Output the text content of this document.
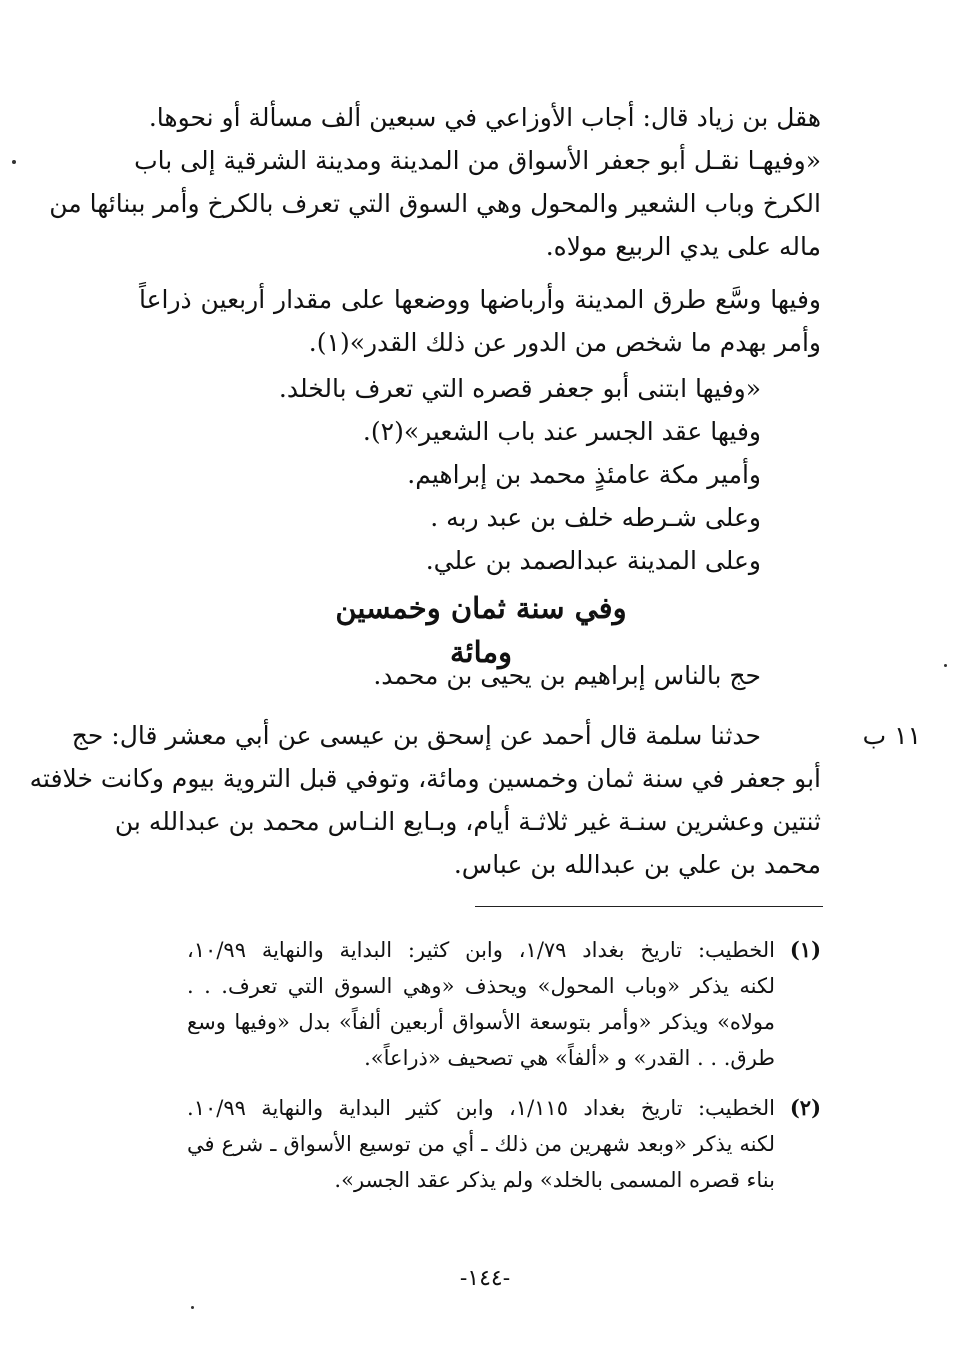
هقل بن زياد قال: أجاب الأوزاعي في سبعين ألف مسألة أو نحوها.
«وفيهـا نقـل أبو جعفر الأسواق من المدينة ومدينة الشرقية إلى باب
الكرخ وباب الشعير والمحول وهي السوق التي تعرف بالكرخ وأمر ببنائها من
ماله على يدي الربيع مولاه.
وفيها وسَّع طرق المدينة وأرباضها ووضعها على مقدار أربعين ذراعاً
وأمر بهدم ما شخص من الدور عن ذلك القدر»(١).
«وفيها ابتنى أبو جعفر قصره التي تعرف بالخلد.
وفيها عقد الجسر عند باب الشعير»(٢).
وأمير مكة عامئذٍ محمد بن إبراهيم.
وعلى شـرطه خلف بن عبد ربه .
وعلى المدينة عبدالصمد بن علي.
وفي سنة ثمان وخمسين ومائة
حج بالناس إبراهيم بن يحيى بن محمد.
١١ ب
حدثنا سلمة قال أحمد عن إسحق بن عيسى عن أبي معشر قال: حج
أبو جعفر في سنة ثمان وخمسين ومائة، وتوفي قبل التروية بيوم وكانت خلافته
ثنتين وعشرين سنـة غير ثلاثـة أيام، وبـايع النـاس محمد بن عبدالله بن
محمد بن علي بن عبدالله بن عباس.
(١)
الخطيب: تاريخ بغداد ١/٧٩، وابن كثير: البداية والنهاية ١٠/٩٩،
لكنه يذكر «وباب المحول» ويحذف «وهي السوق التي تعرف. . .
مولاه» ويذكر «وأمر بتوسعة الأسواق أربعين ألفاً» بدل «وفيها وسع
طرق. . . القدر» و «ألفاً» هي تصحيف «ذراعاً».
(٢)
الخطيب: تاريخ بغداد ١/١١٥، وابن كثير البداية والنهاية ١٠/٩٩.
لكنه يذكر «وبعد شهرين من ذلك ـ أي من توسيع الأسواق ـ شرع في
بناء قصره المسمى بالخلد» ولم يذكر عقد الجسر».
-١٤٤-
